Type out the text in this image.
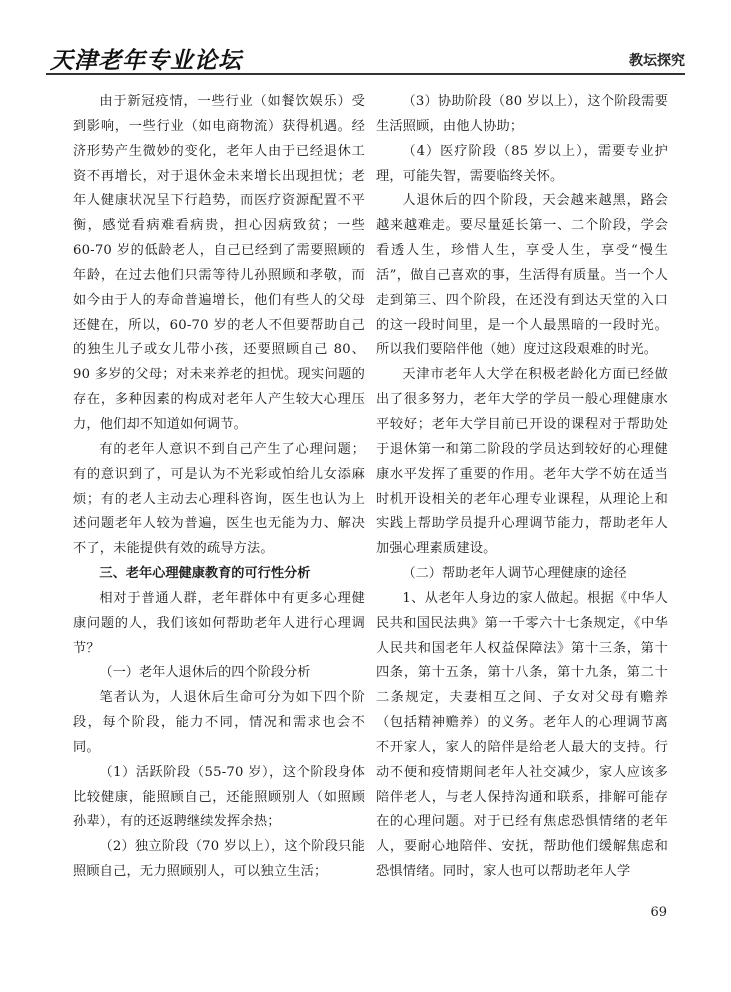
天津老年专业论坛	教坛探究

由于新冠疫情，一些行业（如餐饮娱乐）受到影响，一些行业（如电商物流）获得机遇。经济形势产生微妙的变化，老年人由于已经退休工资不再增长，对于退休金未来增长出现担忧；老年人健康状况呈下行趋势，而医疗资源配置不平衡，感觉看病难看病贵，担心因病致贫；一些 60-70 岁的低龄老人，自己已经到了需要照顾的年龄，在过去他们只需等待儿孙照顾和孝敬，而如今由于人的寿命普遍增长，他们有些人的父母还健在，所以，60-70 岁的老人不但要帮助自己的独生儿子或女儿带小孩，还要照顾自己 80、90 多岁的父母；对未来养老的担忧。现实问题的存在，多种因素的构成对老年人产生较大心理压力，他们却不知道如何调节。

有的老年人意识不到自己产生了心理问题；有的意识到了，可是认为不光彩或怕给儿女添麻烦；有的老人主动去心理科咨询，医生也认为上述问题老年人较为普遍，医生也无能为力、解决不了，未能提供有效的疏导方法。

三、老年心理健康教育的可行性分析

相对于普通人群，老年群体中有更多心理健康问题的人，我们该如何帮助老年人进行心理调节？

（一）老年人退休后的四个阶段分析

笔者认为，人退休后生命可分为如下四个阶段，每个阶段，能力不同，情况和需求也会不同。

（1）活跃阶段（55-70 岁），这个阶段身体比较健康，能照顾自己，还能照顾别人（如照顾孙辈），有的还返聘继续发挥余热；

（2）独立阶段（70 岁以上），这个阶段只能照顾自己，无力照顾别人，可以独立生活；

（3）协助阶段（80 岁以上），这个阶段需要生活照顾，由他人协助；

（4）医疗阶段（85 岁以上），需要专业护理，可能失智，需要临终关怀。

人退休后的四个阶段，天会越来越黑，路会越来越难走。要尽量延长第一、二个阶段，学会看透人生，珍惜人生，享受人生，享受“慢生活”，做自己喜欢的事，生活得有质量。当一个人走到第三、四个阶段，在还没有到达天堂的入口的这一段时间里，是一个人最黑暗的一段时光。所以我们要陪伴他（她）度过这段艰难的时光。

天津市老年人大学在积极老龄化方面已经做出了很多努力，老年大学的学员一般心理健康水平较好；老年大学目前已开设的课程对于帮助处于退休第一和第二阶段的学员达到较好的心理健康水平发挥了重要的作用。老年大学不妨在适当时机开设相关的老年心理专业课程，从理论上和实践上帮助学员提升心理调节能力，帮助老年人加强心理素质建设。

（二）帮助老年人调节心理健康的途径

1、从老年人身边的家人做起。根据《中华人民共和国民法典》第一千零六十七条规定，《中华人民共和国老年人权益保障法》第十三条，第十四条，第十五条，第十八条，第十九条，第二十二条规定，夫妻相互之间、子女对父母有赡养（包括精神赡养）的义务。老年人的心理调节离不开家人，家人的陪伴是给老人最大的支持。行动不便和疫情期间老年人社交减少，家人应该多陪伴老人，与老人保持沟通和联系，排解可能存在的心理问题。对于已经有焦虑恐惧情绪的老年人，要耐心地陪伴、安抚，帮助他们缓解焦虑和恐惧情绪。同时，家人也可以帮助老年人学

69
